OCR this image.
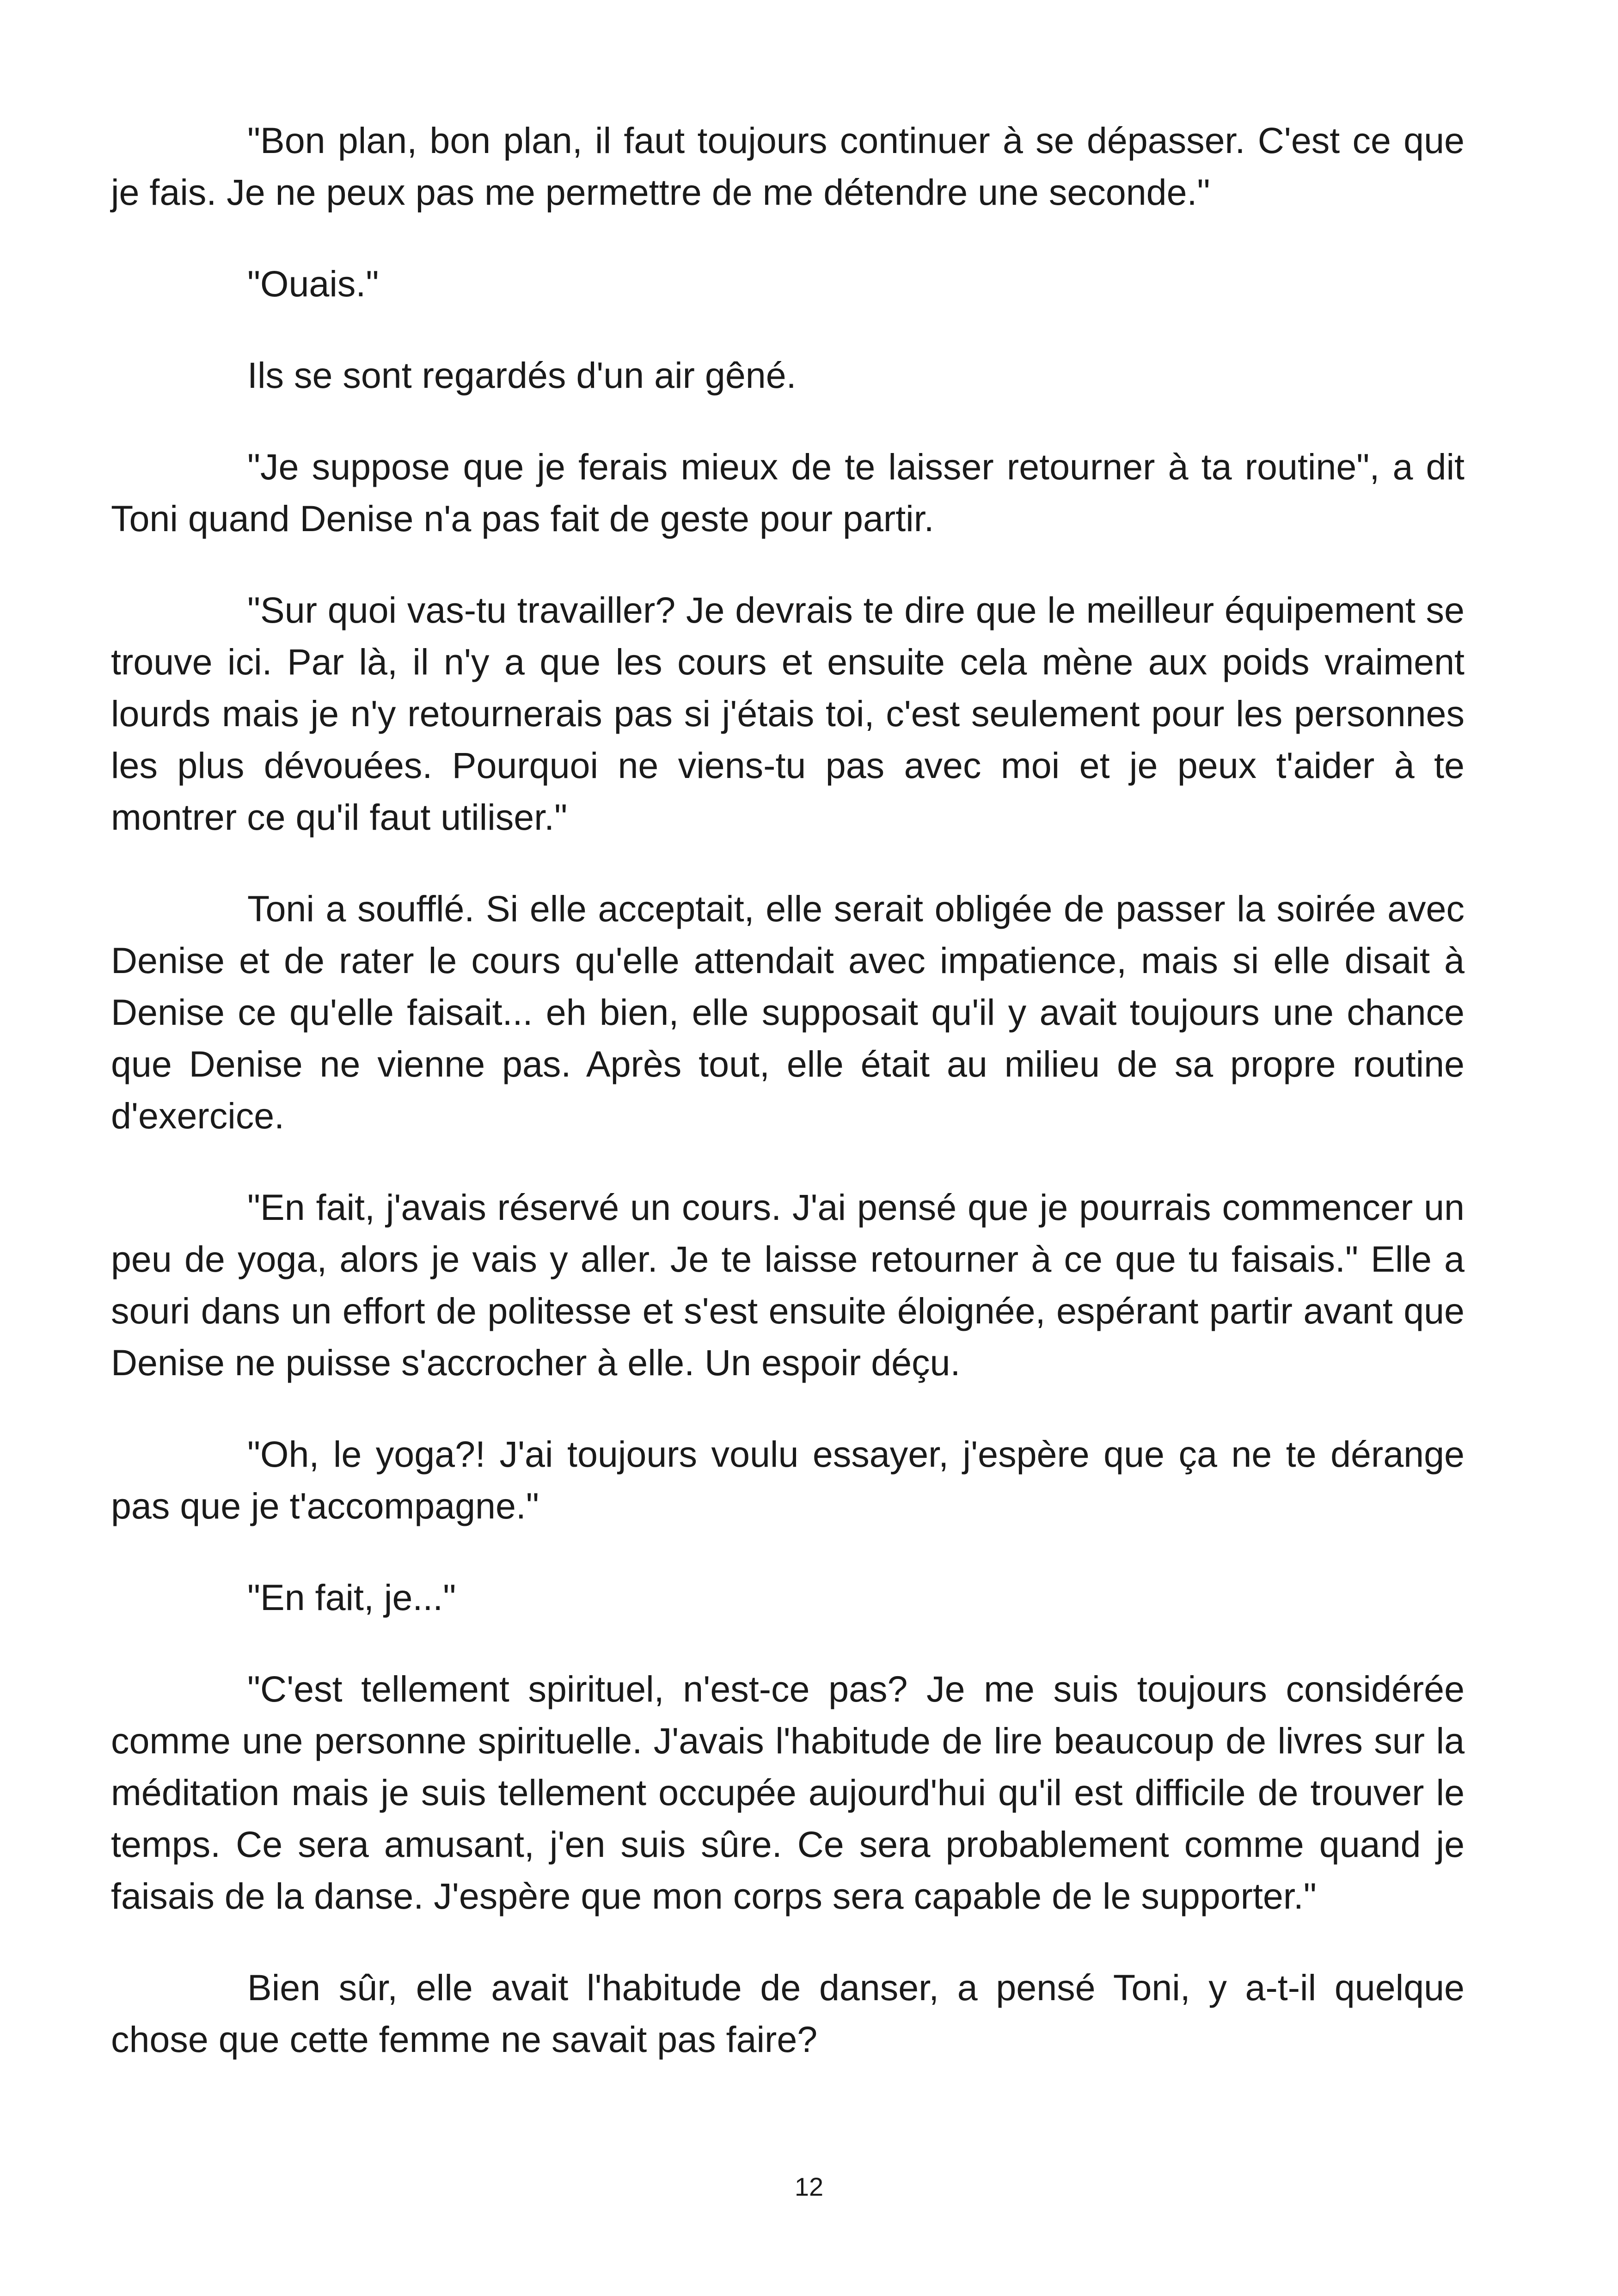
"Bon plan, bon plan, il faut toujours continuer à se dépasser. C'est ce que je fais. Je ne peux pas me permettre de me détendre une seconde."

"Ouais."

Ils se sont regardés d'un air gêné.

"Je suppose que je ferais mieux de te laisser retourner à ta routine", a dit Toni quand Denise n'a pas fait de geste pour partir.

"Sur quoi vas-tu travailler? Je devrais te dire que le meilleur équipement se trouve ici. Par là, il n'y a que les cours et ensuite cela mène aux poids vraiment lourds mais je n'y retournerais pas si j'étais toi, c'est seulement pour les personnes les plus dévouées. Pourquoi ne viens-tu pas avec moi et je peux t'aider à te montrer ce qu'il faut utiliser."

Toni a soufflé. Si elle acceptait, elle serait obligée de passer la soirée avec Denise et de rater le cours qu'elle attendait avec impatience, mais si elle disait à Denise ce qu'elle faisait... eh bien, elle supposait qu'il y avait toujours une chance que Denise ne vienne pas. Après tout, elle était au milieu de sa propre routine d'exercice.

"En fait, j'avais réservé un cours. J'ai pensé que je pourrais commencer un peu de yoga, alors je vais y aller. Je te laisse retourner à ce que tu faisais." Elle a souri dans un effort de politesse et s'est ensuite éloignée, espérant partir avant que Denise ne puisse s'accrocher à elle. Un espoir déçu.

"Oh, le yoga?! J'ai toujours voulu essayer, j'espère que ça ne te dérange pas que je t'accompagne."

"En fait, je..."

"C'est tellement spirituel, n'est-ce pas? Je me suis toujours considérée comme une personne spirituelle. J'avais l'habitude de lire beaucoup de livres sur la méditation mais je suis tellement occupée aujourd'hui qu'il est difficile de trouver le temps. Ce sera amusant, j'en suis sûre. Ce sera probablement comme quand je faisais de la danse. J'espère que mon corps sera capable de le supporter."

Bien sûr, elle avait l'habitude de danser, a pensé Toni, y a-t-il quelque chose que cette femme ne savait pas faire?

12
